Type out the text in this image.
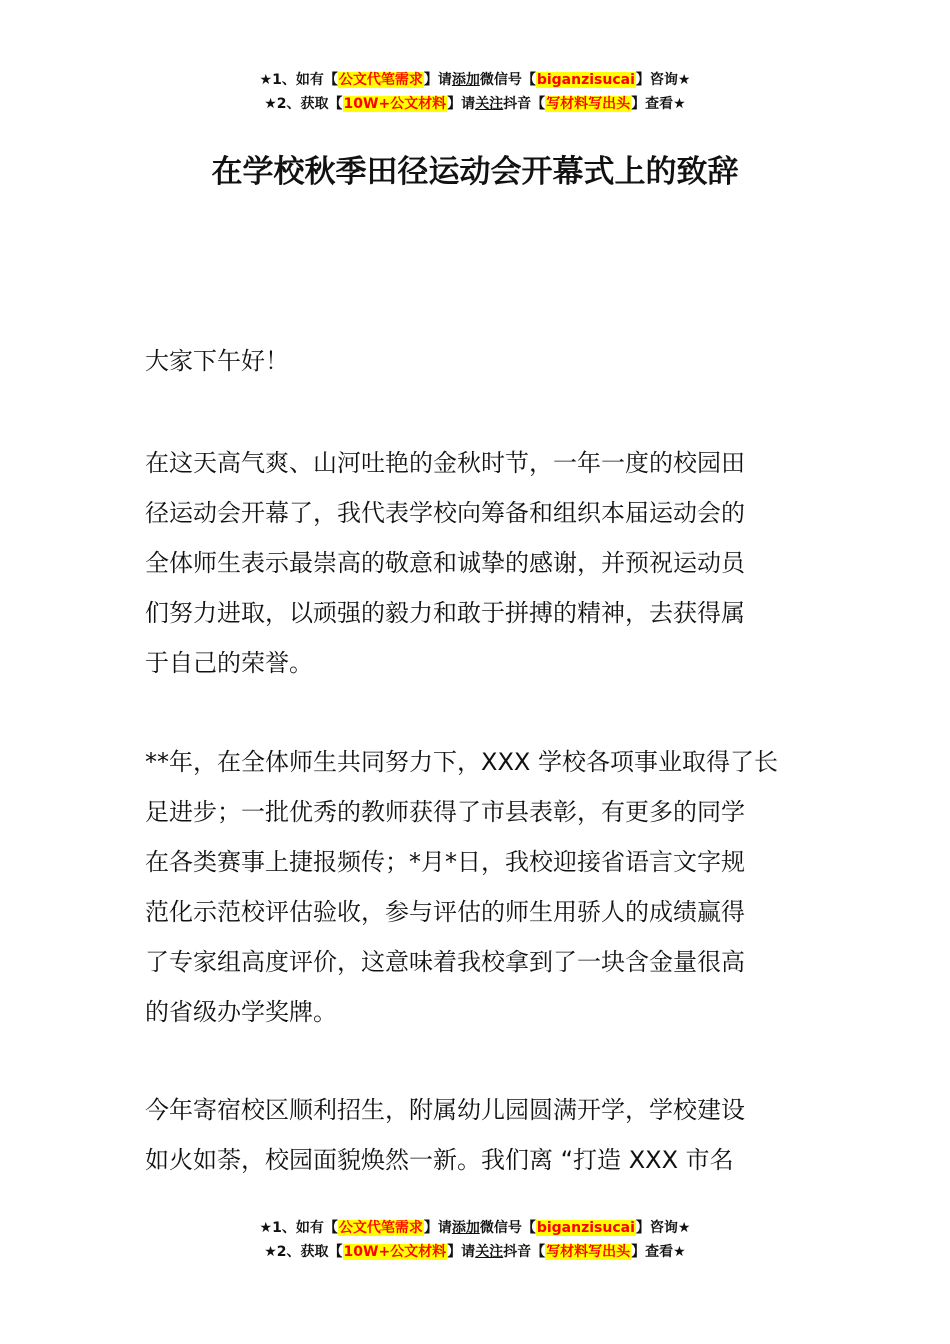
★1、如有【公文代笔需求】请添加微信号【biganzisucai】咨询★
★2、获取【10W+公文材料】请关注抖音【写材料写出头】查看★
在学校秋季田径运动会开幕式上的致辞

大家下午好！

在这天高气爽、山河吐艳的金秋时节，一年一度的校园田
径运动会开幕了，我代表学校向筹备和组织本届运动会的
全体师生表示最崇高的敬意和诚挚的感谢，并预祝运动员
们努力进取，以顽强的毅力和敢于拼搏的精神，去获得属
于自己的荣誉。

**年，在全体师生共同努力下，XXX 学校各项事业取得了长
足进步；一批优秀的教师获得了市县表彰，有更多的同学
在各类赛事上捷报频传；*月*日，我校迎接省语言文字规
范化示范校评估验收，参与评估的师生用骄人的成绩赢得
了专家组高度评价，这意味着我校拿到了一块含金量很高
的省级办学奖牌。

今年寄宿校区顺利招生，附属幼儿园圆满开学，学校建设
如火如荼，校园面貌焕然一新。我们离 “打造 XXX 市名

★1、如有【公文代笔需求】请添加微信号【biganzisucai】咨询★
★2、获取【10W+公文材料】请关注抖音【写材料写出头】查看★
